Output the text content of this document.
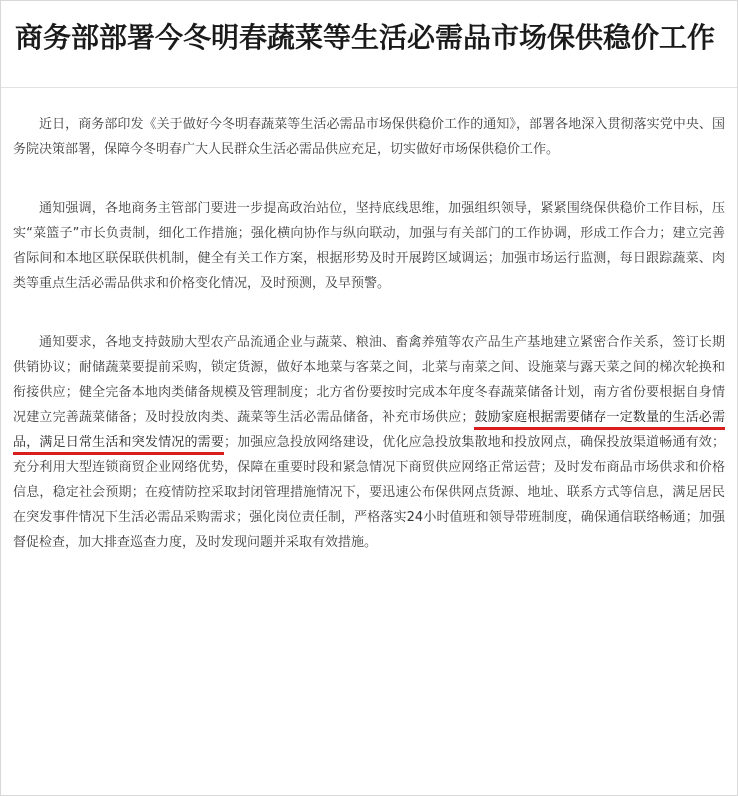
商务部部署今冬明春蔬菜等生活必需品市场保供稳价工作

近日，商务部印发《关于做好今冬明春蔬菜等生活必需品市场保供稳价工作的通知》，部署各地深入贯彻落实党中央、国务院决策部署，保障今冬明春广大人民群众生活必需品供应充足，切实做好市场保供稳价工作。

通知强调，各地商务主管部门要进一步提高政治站位，坚持底线思维，加强组织领导，紧紧围绕保供稳价工作目标，压实“菜篮子”市长负责制，细化工作措施；强化横向协作与纵向联动，加强与有关部门的工作协调，形成工作合力；建立完善省际间和本地区联保联供机制，健全有关工作方案，根据形势及时开展跨区域调运；加强市场运行监测，每日跟踪蔬菜、肉类等重点生活必需品供求和价格变化情况，及时预测，及早预警。

通知要求，各地支持鼓励大型农产品流通企业与蔬菜、粮油、畜禽养殖等农产品生产基地建立紧密合作关系，签订长期供销协议；耐储蔬菜要提前采购，锁定货源，做好本地菜与客菜之间，北菜与南菜之间、设施菜与露天菜之间的梯次轮换和衔接供应；健全完备本地肉类储备规模及管理制度；北方省份要按时完成本年度冬春蔬菜储备计划，南方省份要根据自身情况建立完善蔬菜储备；及时投放肉类、蔬菜等生活必需品储备，补充市场供应；鼓励家庭根据需要储存一定数量的生活必需品，满足日常生活和突发情况的需要；加强应急投放网络建设，优化应急投放集散地和投放网点，确保投放渠道畅通有效；充分利用大型连锁商贸企业网络优势，保障在重要时段和紧急情况下商贸供应网络正常运营；及时发布商品市场供求和价格信息，稳定社会预期；在疫情防控采取封闭管理措施情况下，要迅速公布保供网点货源、地址、联系方式等信息，满足居民在突发事件情况下生活必需品采购需求；强化岗位责任制，严格落实24小时值班和领导带班制度，确保通信联络畅通；加强督促检查，加大排查巡查力度，及时发现问题并采取有效措施。
